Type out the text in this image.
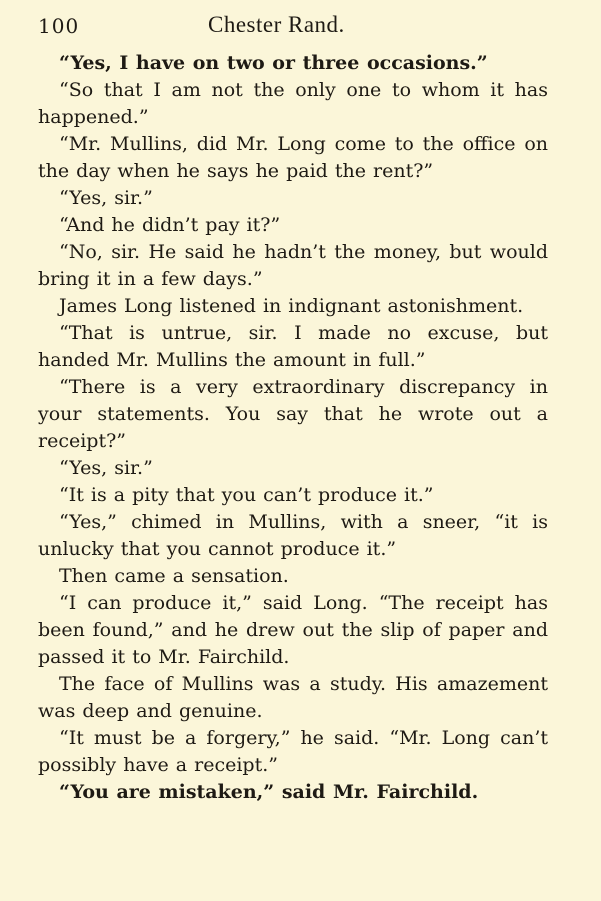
100	Chester Rand.

“Yes, I have on two or three occasions.”

“So that I am not the only one to whom it has happened.”

“Mr. Mullins, did Mr. Long come to the office on the day when he says he paid the rent?”

“Yes, sir.”

“And he didn’t pay it?”

“No, sir. He said he hadn’t the money, but would bring it in a few days.”

James Long listened in indignant astonishment.

“That is untrue, sir. I made no excuse, but handed Mr. Mullins the amount in full.”

“There is a very extraordinary discrepancy in your statements. You say that he wrote out a receipt?”

“Yes, sir.”

“It is a pity that you can’t produce it.”

“Yes,” chimed in Mullins, with a sneer, “it is unlucky that you cannot produce it.”

Then came a sensation.

“I can produce it,” said Long. “The receipt has been found,” and he drew out the slip of paper and passed it to Mr. Fairchild.

The face of Mullins was a study. His amazement was deep and genuine.

“It must be a forgery,” he said. “Mr. Long can’t possibly have a receipt.”

“You are mistaken,” said Mr. Fairchild.
